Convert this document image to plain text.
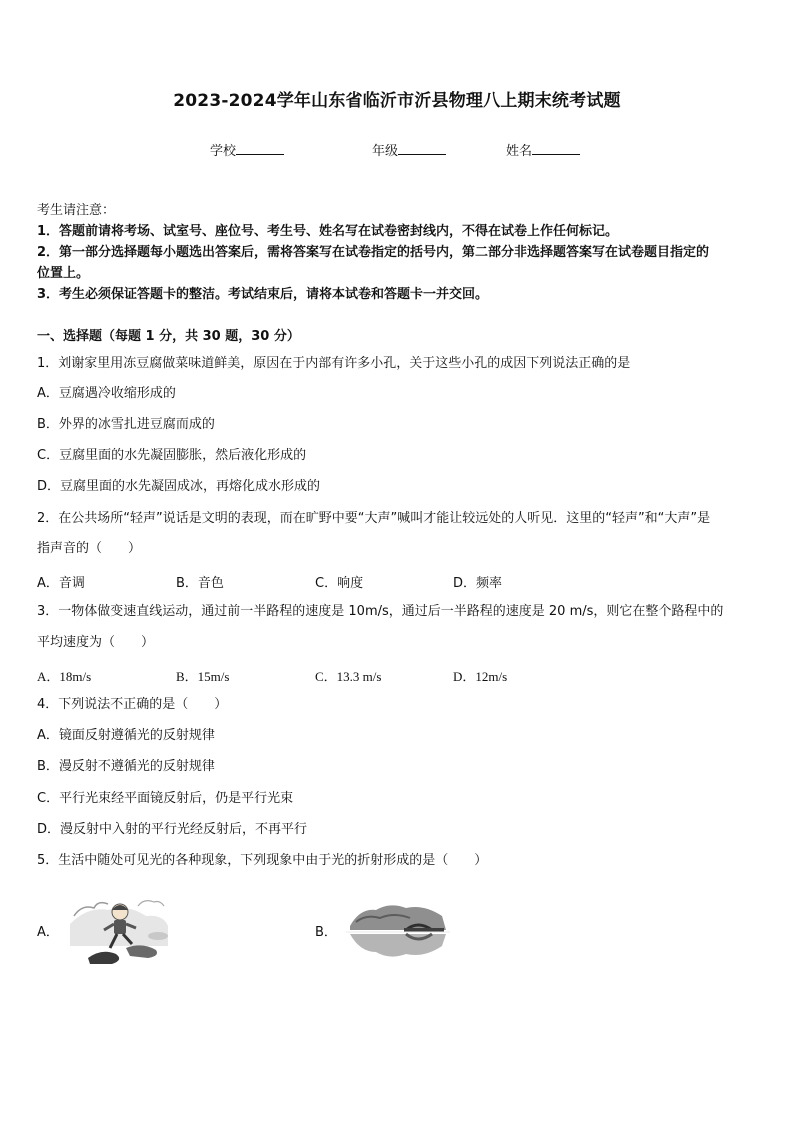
2023-2024学年山东省临沂市沂县物理八上期末统考试题
学校	年级	姓名
考生请注意：
1．答题前请将考场、试室号、座位号、考生号、姓名写在试卷密封线内，不得在试卷上作任何标记。
2．第一部分选择题每小题选出答案后，需将答案写在试卷指定的括号内，第二部分非选择题答案写在试卷题目指定的
位置上。
3．考生必须保证答题卡的整洁。考试结束后，请将本试卷和答题卡一并交回。
一、选择题（每题 1 分，共 30 题，30 分）
1．刘谢家里用冻豆腐做菜味道鲜美，原因在于内部有许多小孔，关于这些小孔的成因下列说法正确的是
A．豆腐遇冷收缩形成的
B．外界的冰雪扎进豆腐而成的
C．豆腐里面的水先凝固膨胀，然后液化形成的
D．豆腐里面的水先凝固成冰，再熔化成水形成的
2．在公共场所“轻声”说话是文明的表现，而在旷野中要“大声”喊叫才能让较远处的人听见．这里的“轻声”和“大声”是
指声音的（　　）
A．音调	B．音色	C．响度	D．频率
3．一物体做变速直线运动，通过前一半路程的速度是 10m/s，通过后一半路程的速度是 20 m/s，则它在整个路程中的
平均速度为（　　）
A．18m/s	B．15m/s	C．13.3 m/s	D．12m/s
4．下列说法不正确的是（　　）
A．镜面反射遵循光的反射规律
B．漫反射不遵循光的反射规律
C．平行光束经平面镜反射后，仍是平行光束
D．漫反射中入射的平行光经反射后，不再平行
5．生活中随处可见光的各种现象，下列现象中由于光的折射形成的是（　　）
A．	B．
